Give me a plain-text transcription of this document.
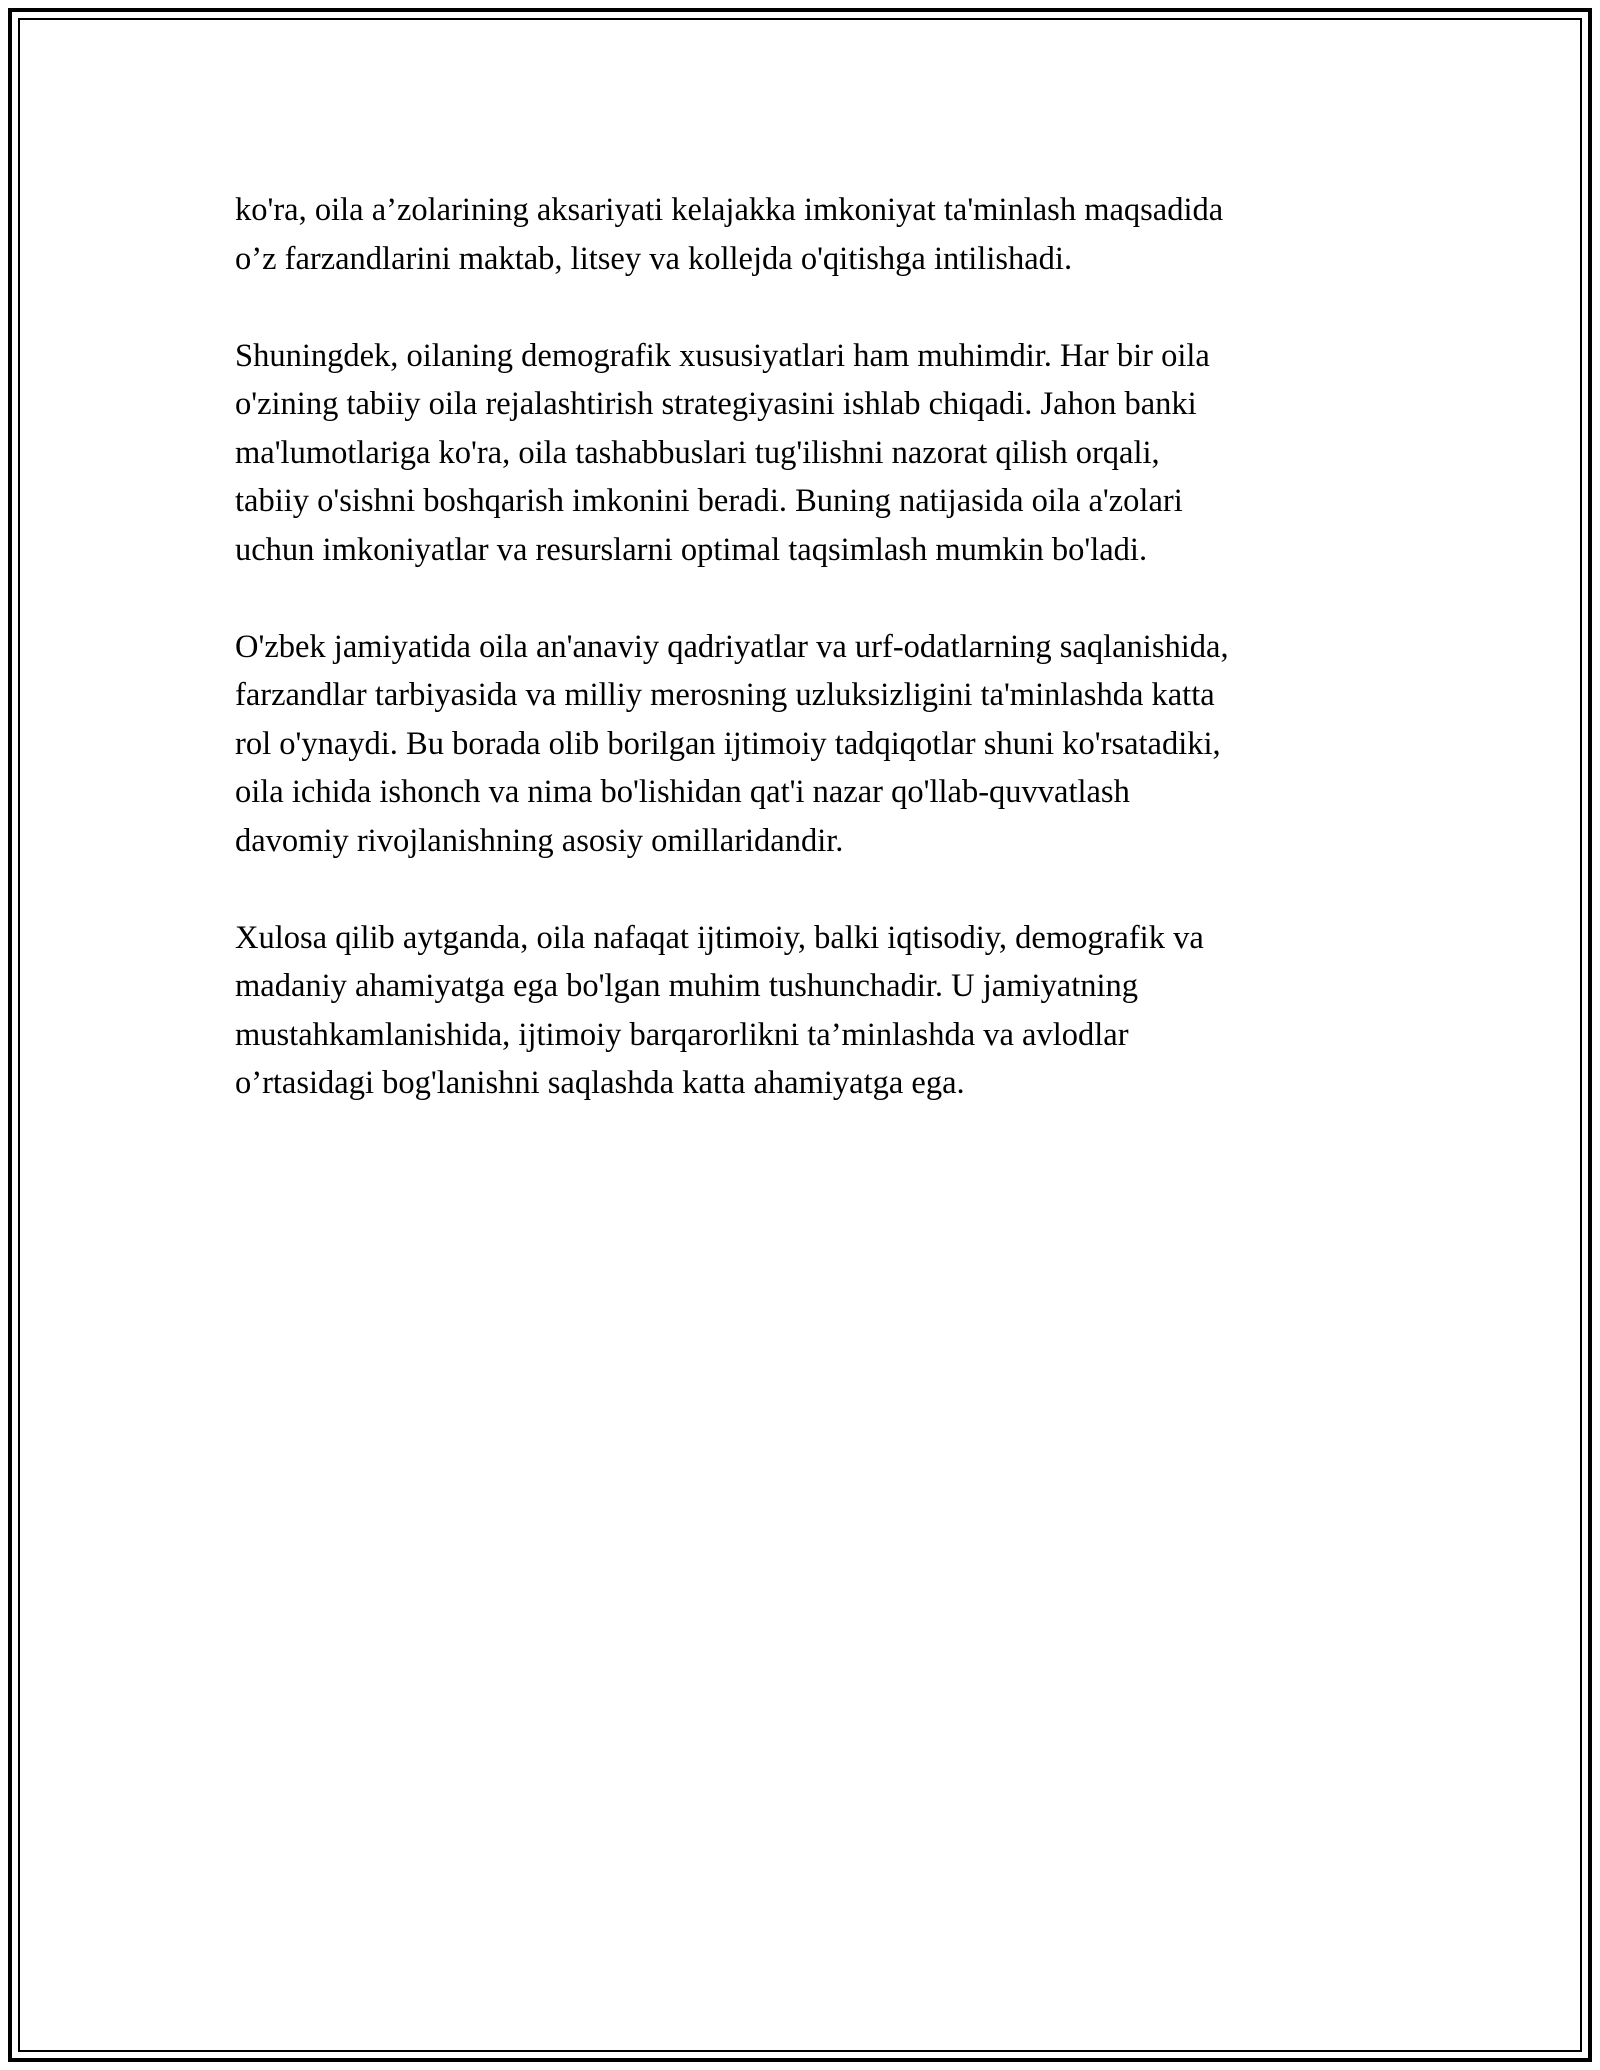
ko'ra, oila a’zolarining aksariyati kelajakka imkoniyat ta'minlash maqsadida
o’z farzandlarini maktab, litsey va kollejda o'qitishga intilishadi.

Shuningdek, oilaning demografik xususiyatlari ham muhimdir. Har bir oila
o'zining tabiiy oila rejalashtirish strategiyasini ishlab chiqadi. Jahon banki
ma'lumotlariga ko'ra, oila tashabbuslari tug'ilishni nazorat qilish orqali,
tabiiy o'sishni boshqarish imkonini beradi. Buning natijasida oila a'zolari
uchun imkoniyatlar va resurslarni optimal taqsimlash mumkin bo'ladi.

O'zbek jamiyatida oila an'anaviy qadriyatlar va urf-odatlarning saqlanishida,
farzandlar tarbiyasida va milliy merosning uzluksizligini ta'minlashda katta
rol o'ynaydi. Bu borada olib borilgan ijtimoiy tadqiqotlar shuni ko'rsatadiki,
oila ichida ishonch va nima bo'lishidan qat'i nazar qo'llab-quvvatlash
davomiy rivojlanishning asosiy omillaridandir.

Xulosa qilib aytganda, oila nafaqat ijtimoiy, balki iqtisodiy, demografik va
madaniy ahamiyatga ega bo'lgan muhim tushunchadir. U jamiyatning
mustahkamlanishida, ijtimoiy barqarorlikni ta’minlashda va avlodlar
o’rtasidagi bog'lanishni saqlashda katta ahamiyatga ega.
